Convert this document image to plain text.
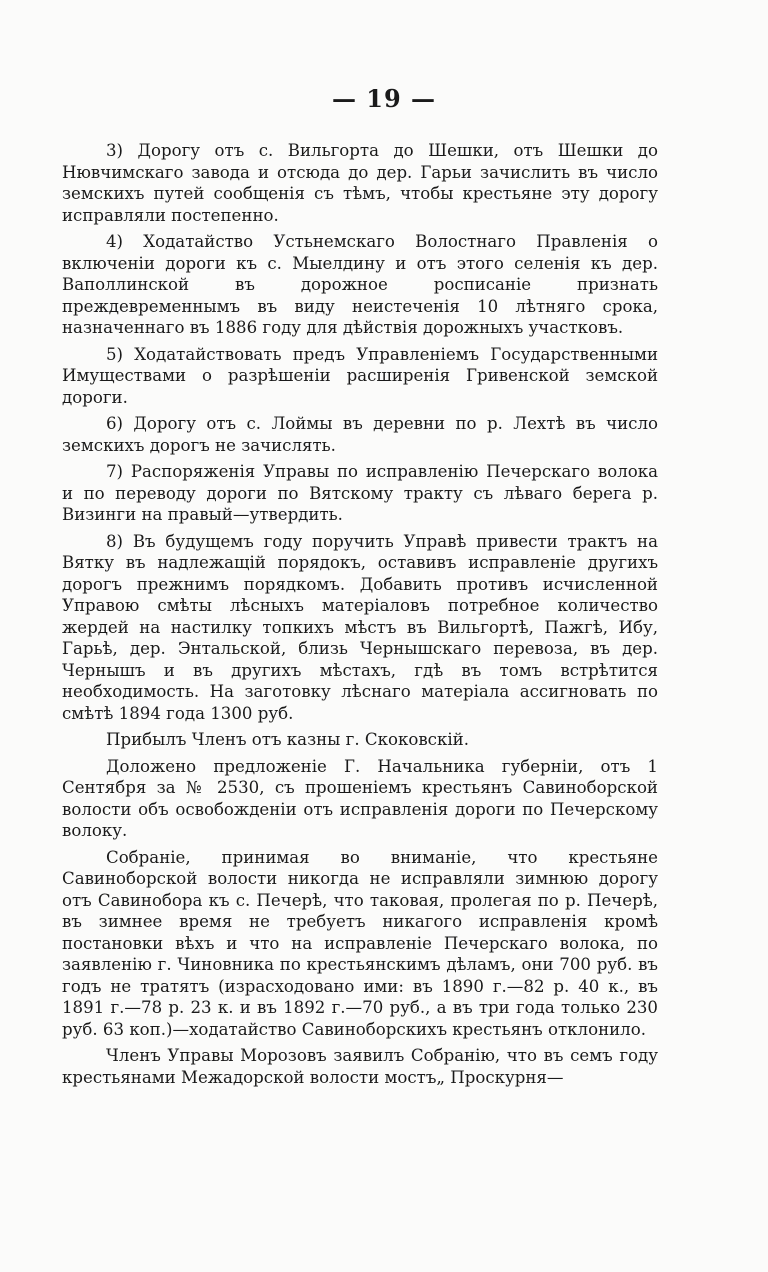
— 19 —

3) Дорогу отъ с. Вильгорта до Шешки, отъ Шешки до Нювчимскаго завода и отсюда до дер. Гарьи зачислить въ число земскихъ путей сообщенія съ тѣмъ, чтобы крестьяне эту дорогу исправляли постепенно.

4) Ходатайство Устьнемскаго Волостнаго Правленія о включеніи дороги къ с. Мыелдину и отъ этого селенія къ дер. Ваполлинской въ дорожное росписаніе признать преждевременнымъ въ виду неистеченія 10 лѣтняго срока, назначеннаго въ 1886 году для дѣйствія дорожныхъ участковъ.

5) Ходатайствовать предъ Управленіемъ Государственными Имуществами о разрѣшеніи расширенія Гривенской земской дороги.

6) Дорогу отъ с. Лоймы въ деревни по р. Лехтѣ въ число земскихъ дорогъ не зачислять.

7) Распоряженія Управы по исправленію Печерскаго волока и по переводу дороги по Вятскому тракту съ лѣваго берега р. Визинги на правый—утвердить.

8) Въ будущемъ году поручить Управѣ привести трактъ на Вятку въ надлежащій порядокъ, оставивъ исправленіе другихъ дорогъ прежнимъ порядкомъ. Добавить противъ исчисленной Управою смѣты лѣсныхъ матеріаловъ потребное количество жердей на настилку топкихъ мѣстъ въ Вильгортѣ, Пажгѣ, Ибу, Гарьѣ, дер. Энтальской, близь Чернышскаго перевоза, въ дер. Чернышъ и въ другихъ мѣстахъ, гдѣ въ томъ встрѣтится необходимость. На заготовку лѣснаго матеріала ассигновать по смѣтѣ 1894 года 1300 руб.

Прибылъ Членъ отъ казны г. Скоковскій.

Доложено предложеніе Г. Начальника губерніи, отъ 1 Сентября за № 2530, съ прошеніемъ крестьянъ Савиноборской волости объ освобожденіи отъ исправленія дороги по Печерскому волоку.

Собраніе, принимая во вниманіе, что крестьяне Савиноборской волости никогда не исправляли зимнюю дорогу отъ Савинобора къ с. Печерѣ, что таковая, пролегая по р. Печерѣ, въ зимнее время не требуетъ никагого исправленія кромѣ постановки вѣхъ и что на исправленіе Печерскаго волока, по заявленію г. Чиновника по крестьянскимъ дѣламъ, они 700 руб. въ годъ не тратятъ (израсходовано ими: въ 1890 г.—82 р. 40 к., въ 1891 г.—78 р. 23 к. и въ 1892 г.—70 руб., а въ три года только 230 руб. 63 коп.)—ходатайство Савиноборскихъ крестьянъ отклонило.

Членъ Управы Морозовъ заявилъ Собранію, что въ семъ году крестьянами Межадорской волости мостъ„ Проскурня—
